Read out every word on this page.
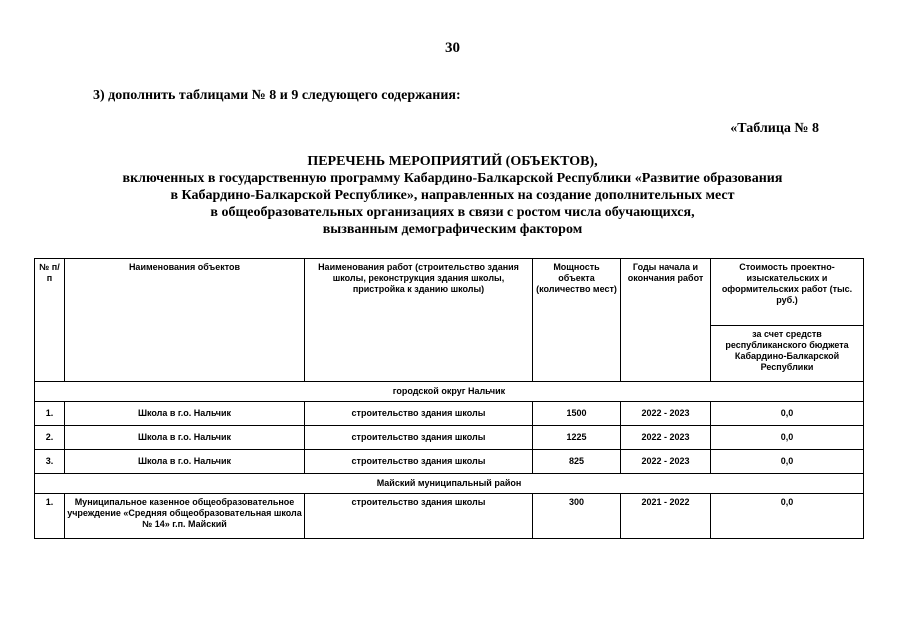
30
3) дополнить таблицами № 8 и 9 следующего содержания:
«Таблица № 8
ПЕРЕЧЕНЬ МЕРОПРИЯТИЙ (ОБЪЕКТОВ),
включенных в государственную программу Кабардино-Балкарской Республики «Развитие образования
в Кабардино-Балкарской Республике», направленных на создание дополнительных мест
в общеобразовательных организациях в связи с ростом числа обучающихся,
вызванным демографическим фактором
№ п/п	Наименования объектов	Наименования работ (строительство здания школы, реконструкция здания школы, пристройка к зданию школы)	Мощность объекта (количество мест)	Годы начала и окончания работ	Стоимость проектно-изыскательских и оформительских работ (тыс. руб.)
					за счет средств республиканского бюджета Кабардино-Балкарской Республики
городской округ Нальчик					
1.	Школа в г.о. Нальчик	строительство здания школы	1500	2022 - 2023	0,0
2.	Школа в г.о. Нальчик	строительство здания школы	1225	2022 - 2023	0,0
3.	Школа в г.о. Нальчик	строительство здания школы	825	2022 - 2023	0,0
Майский муниципальный район					
1.	Муниципальное казенное общеобразовательное учреждение «Средняя общеобразовательная школа № 14» г.п. Майский	строительство здания школы	300	2021 - 2022	0,0
